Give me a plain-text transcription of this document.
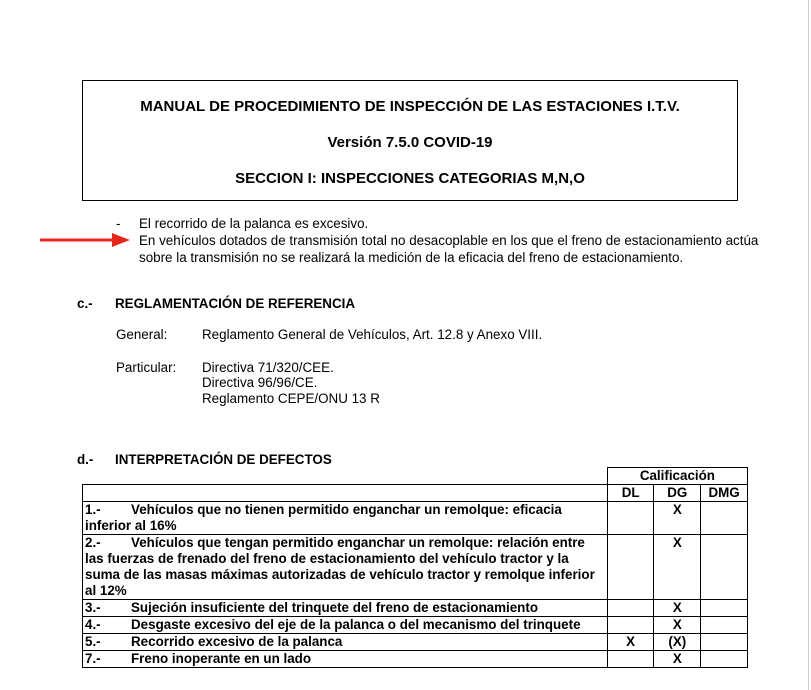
MANUAL DE PROCEDIMIENTO DE INSPECCIÓN DE LAS ESTACIONES I.T.V.
Versión 7.5.0 COVID-19
SECCION I: INSPECCIONES CATEGORIAS M,N,O
- El recorrido de la palanca es excesivo.
En vehículos dotados de transmisión total no desacoplable en los que el freno de estacionamiento actúa sobre la transmisión no se realizará la medición de la eficacia del freno de estacionamiento.
c.- REGLAMENTACIÓN DE REFERENCIA
General:	Reglamento General de Vehículos, Art. 12.8 y Anexo VIII.
Particular: Directiva 71/320/CEE.
Directiva 96/96/CE.
Reglamento CEPE/ONU 13 R
d.- INTERPRETACIÓN DE DEFECTOS
	Calificación		
	DL	DG	DMG
1.- Vehículos que no tienen permitido enganchar un remolque: eficacia inferior al 16%		X	
2.- Vehículos que tengan permitido enganchar un remolque: relación entre las fuerzas de frenado del freno de estacionamiento del vehículo tractor y la suma de las masas máximas autorizadas de vehículo tractor y remolque inferior al 12%		X	
3.- Sujeción insuficiente del trinquete del freno de estacionamiento		X	
4.- Desgaste excesivo del eje de la palanca o del mecanismo del trinquete		X	
5.- Recorrido excesivo de la palanca	X	(X)	
7.- Freno inoperante en un lado		X	
